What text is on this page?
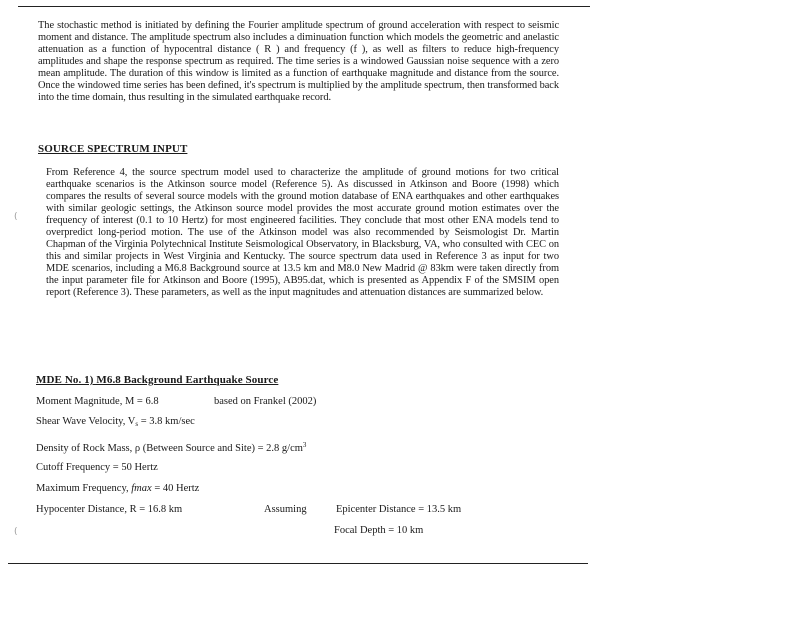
The stochastic method is initiated by defining the Fourier amplitude spectrum of ground acceleration with respect to seismic moment and distance. The amplitude spectrum also includes a diminuation function which models the geometric and anelastic attenuation as a function of hypocentral distance ( R ) and frequency (f ), as well as filters to reduce high-frequency amplitudes and shape the response spectrum as required. The time series is a windowed Gaussian noise sequence with a zero mean amplitude. The duration of this window is limited as a function of earthquake magnitude and distance from the source. Once the windowed time series has been defined, it's spectrum is multiplied by the amplitude spectrum, then transformed back into the time domain, thus resulting in the simulated earthquake record.
SOURCE SPECTRUM INPUT
From Reference 4, the source spectrum model used to characterize the amplitude of ground motions for two critical earthquake scenarios is the Atkinson source model (Reference 5). As discussed in Atkinson and Boore (1998) which compares the results of several source models with the ground motion database of ENA earthquakes and other earthquakes with similar geologic settings, the Atkinson source model provides the most accurate ground motion estimates over the frequency of interest (0.1 to 10 Hertz) for most engineered facilities. They conclude that most other ENA models tend to overpredict long-period motion. The use of the Atkinson model was also recommended by Seismologist Dr. Martin Chapman of the Virginia Polytechnical Institute Seismological Observatory, in Blacksburg, VA, who consulted with CEC on this and similar projects in West Virginia and Kentucky. The source spectrum data used in Reference 3 as input for two MDE scenarios, including a M6.8 Background source at 13.5 km and M8.0 New Madrid @ 83km were taken directly from the input parameter file for Atkinson and Boore (1995), AB95.dat, which is presented as Appendix F of the SMSIM open report (Reference 3). These parameters, as well as the input magnitudes and attenuation distances are summarized below.
(
(
MDE No. 1) M6.8 Background Earthquake Source
Moment Magnitude, M = 6.8	based on Frankel (2002)
Shear Wave Velocity, $V_s = 3.8$ km/sec
Density of Rock Mass, ρ (Between Source and Site) = 2.8 $g/cm^3$
Cutoff Frequency = 50 Hertz
Maximum Frequency, fmax = 40 Hertz
Hypocenter Distance, R = 16.8 km	Assuming	Epicenter Distance = 13.5 km
Focal Depth = 10 km
